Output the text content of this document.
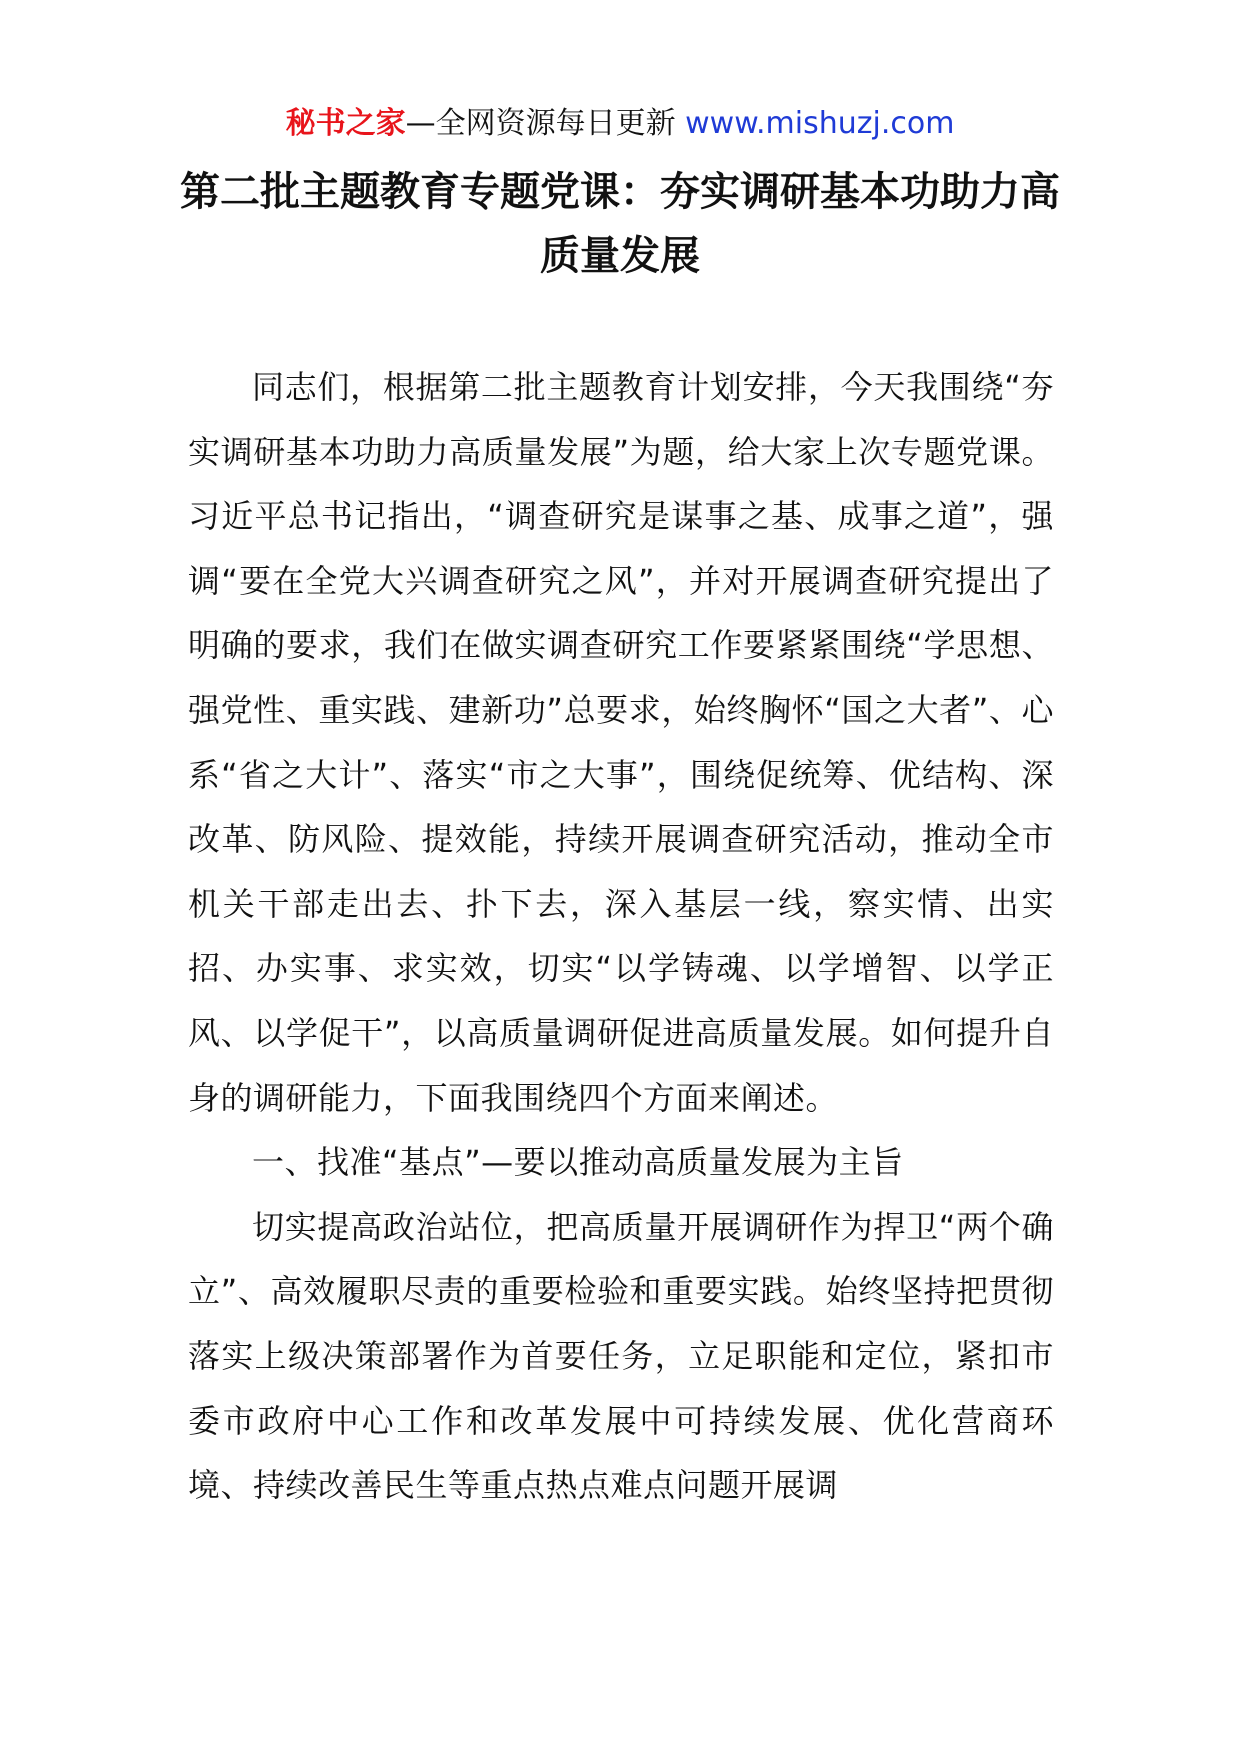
秘书之家—全网资源每日更新 www.mishuzj.com
第二批主题教育专题党课：夯实调研基本功助力高质量发展

同志们，根据第二批主题教育计划安排，今天我围绕“夯实调研基本功助力高质量发展”为题，给大家上次专题党课。习近平总书记指出，“调查研究是谋事之基、成事之道”，强调“要在全党大兴调查研究之风”，并对开展调查研究提出了明确的要求，我们在做实调查研究工作要紧紧围绕“学思想、强党性、重实践、建新功”总要求，始终胸怀“国之大者”、心系“省之大计”、落实“市之大事”，围绕促统筹、优结构、深改革、防风险、提效能，持续开展调查研究活动，推动全市机关干部走出去、扑下去，深入基层一线，察实情、出实招、办实事、求实效，切实“以学铸魂、以学增智、以学正风、以学促干”，以高质量调研促进高质量发展。如何提升自身的调研能力，下面我围绕四个方面来阐述。

一、找准“基点”—要以推动高质量发展为主旨

切实提高政治站位，把高质量开展调研作为捍卫“两个确立”、高效履职尽责的重要检验和重要实践。始终坚持把贯彻落实上级决策部署作为首要任务，立足职能和定位，紧扣市委市政府中心工作和改革发展中可持续发展、优化营商环境、持续改善民生等重点热点难点问题开展调
